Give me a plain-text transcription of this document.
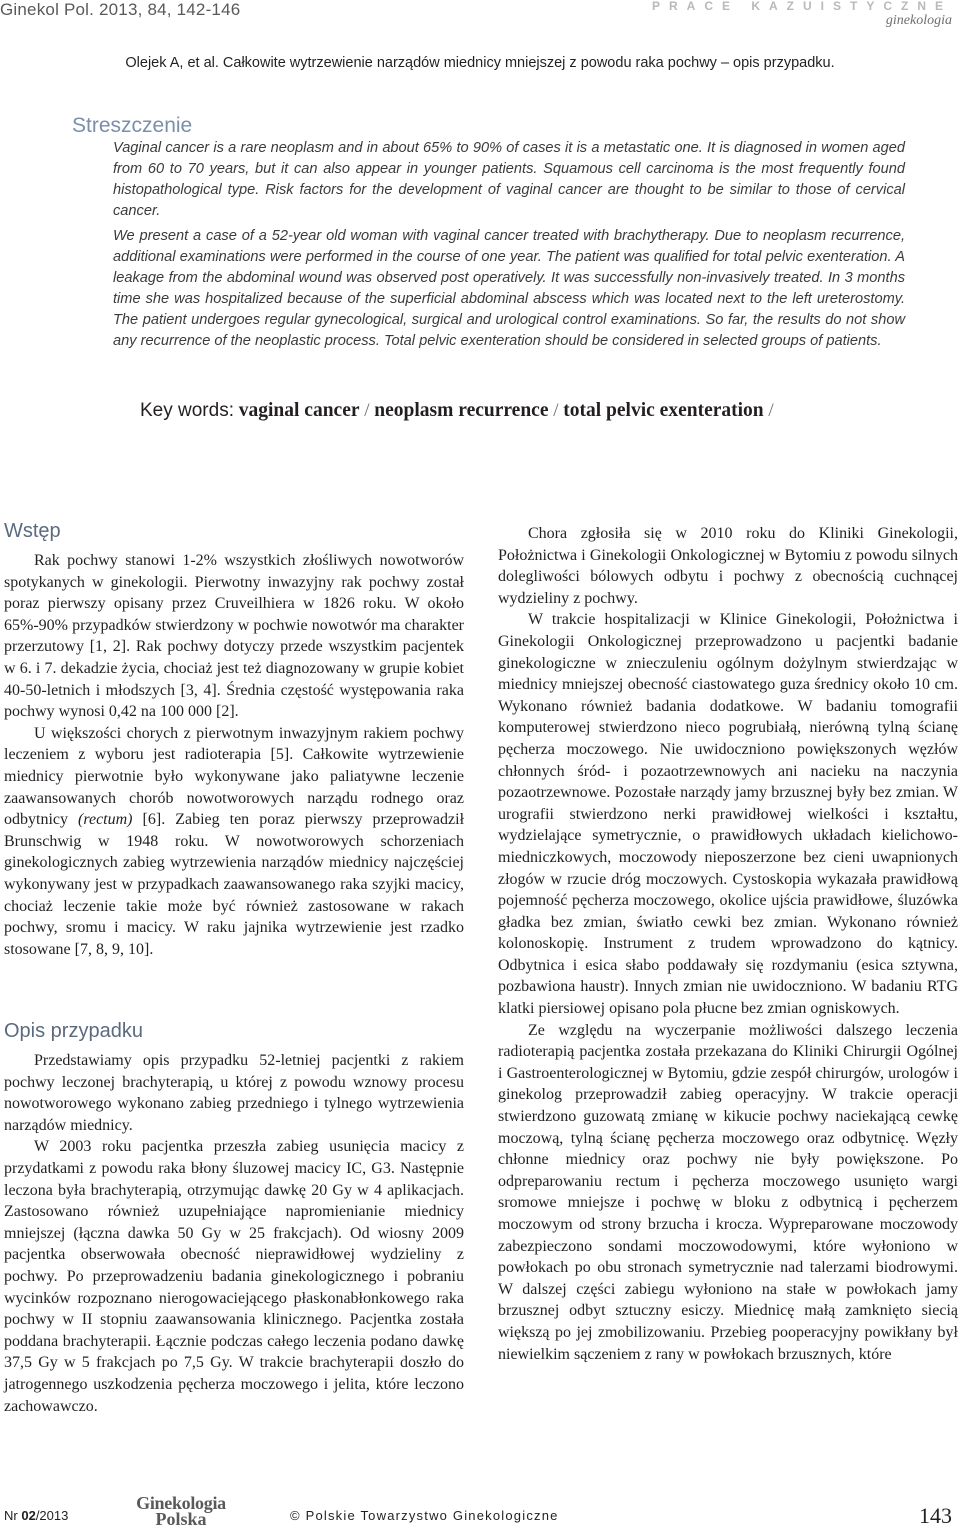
Ginekol Pol. 2013, 84, 142-146	PRACE KAZUISTYCZNE
ginekologia
Olejek A, et al. Całkowite wytrzewienie narządów miednicy mniejszej z powodu raka pochwy – opis przypadku.
Streszczenie

Vaginal cancer is a rare neoplasm and in about 65% to 90% of cases it is a metastatic one. It is diagnosed in women aged from 60 to 70 years, but it can also appear in younger patients. Squamous cell carcinoma is the most frequently found histopathological type. Risk factors for the development of vaginal cancer are thought to be similar to those of cervical cancer.

We present a case of a 52-year old woman with vaginal cancer treated with brachytherapy. Due to neoplasm recurrence, additional examinations were performed in the course of one year. The patient was qualified for total pelvic exenteration. A leakage from the abdominal wound was observed post operatively. It was successfully non-invasively treated. In 3 months time she was hospitalized because of the superficial abdominal abscess which was located next to the left ureterostomy. The patient undergoes regular gynecological, surgical and urological control examinations. So far, the results do not show any recurrence of the neoplastic process. Total pelvic exenteration should be considered in selected groups of patients.

Key words: vaginal cancer / neoplasm recurrence / total pelvic exenteration /
Wstęp

Rak pochwy stanowi 1-2% wszystkich złośliwych nowotworów spotykanych w ginekologii. Pierwotny inwazyjny rak pochwy został poraz pierwszy opisany przez Cruveilhiera w 1826 roku. W około 65%-90% przypadków stwierdzony w pochwie nowotwór ma charakter przerzutowy [1, 2]. Rak pochwy dotyczy przede wszystkim pacjentek w 6. i 7. dekadzie życia, chociaż jest też diagnozowany w grupie kobiet 40-50-letnich i młodszych [3, 4]. Średnia częstość występowania raka pochwy wynosi 0,42 na 100 000 [2].

U większości chorych z pierwotnym inwazyjnym rakiem pochwy leczeniem z wyboru jest radioterapia [5]. Całkowite wytrzewienie miednicy pierwotnie było wykonywane jako paliatywne leczenie zaawansowanych chorób nowotworowych narządu rodnego oraz odbytnicy (rectum) [6]. Zabieg ten poraz pierwszy przeprowadził Brunschwig w 1948 roku. W nowotworowych schorzeniach ginekologicznych zabieg wytrzewienia narządów miednicy najczęściej wykonywany jest w przypadkach zaawansowanego raka szyjki macicy, chociaż leczenie takie może być również zastosowane w rakach pochwy, sromu i macicy. W raku jajnika wytrzewienie jest rzadko stosowane [7, 8, 9, 10].

Opis przypadku

Przedstawiamy opis przypadku 52-letniej pacjentki z rakiem pochwy leczonej brachyterapią, u której z powodu wznowy procesu nowotworowego wykonano zabieg przedniego i tylnego wytrzewienia narządów miednicy.

W 2003 roku pacjentka przeszła zabieg usunięcia macicy z przydatkami z powodu raka błony śluzowej macicy IC, G3. Następnie leczona była brachyterapią, otrzymując dawkę 20 Gy w 4 aplikacjach. Zastosowano również uzupełniające napromienianie miednicy mniejszej (łączna dawka 50 Gy w 25 frakcjach). Od wiosny 2009 pacjentka obserwowała obecność nieprawidłowej wydzieliny z pochwy. Po przeprowadzeniu badania ginekologicznego i pobraniu wycinków rozpoznano nierogowaciejącego płaskonabłonkowego raka pochwy w II stopniu zaawansowania klinicznego. Pacjentka została poddana brachyterapii. Łącznie podczas całego leczenia podano dawkę 37,5 Gy w 5 frakcjach po 7,5 Gy. W trakcie brachyterapii doszło do jatrogennego uszkodzenia pęcherza moczowego i jelita, które leczono zachowawczo.

Chora zgłosiła się w 2010 roku do Kliniki Ginekologii, Położnictwa i Ginekologii Onkologicznej w Bytomiu z powodu silnych dolegliwości bólowych odbytu i pochwy z obecnością cuchnącej wydzieliny z pochwy.

W trakcie hospitalizacji w Klinice Ginekologii, Położnictwa i Ginekologii Onkologicznej przeprowadzono u pacjentki badanie ginekologiczne w znieczuleniu ogólnym dożylnym stwierdzając w miednicy mniejszej obecność ciastowatego guza średnicy około 10 cm. Wykonano również badania dodatkowe. W badaniu tomografii komputerowej stwierdzono nieco pogrubiałą, nierówną tylną ścianę pęcherza moczowego. Nie uwidoczniono powiększonych węzłów chłonnych śród- i pozaotrzewnowych ani nacieku na naczynia pozaotrzewnowe. Pozostałe narządy jamy brzusznej były bez zmian. W urografii stwierdzono nerki prawidłowej wielkości i kształtu, wydzielające symetrycznie, o prawidłowych układach kielichowo-miedniczkowych, moczowody nieposzerzone bez cieni uwapnionych złogów w rzucie dróg moczowych. Cystoskopia wykazała prawidłową pojemność pęcherza moczowego, okolice ujścia prawidłowe, śluzówka gładka bez zmian, światło cewki bez zmian. Wykonano również kolonoskopię. Instrument z trudem wprowadzono do kątnicy. Odbytnica i esica słabo poddawały się rozdymaniu (esica sztywna, pozbawiona haustr). Innych zmian nie uwidoczniono. W badaniu RTG klatki piersiowej opisano pola płucne bez zmian ogniskowych.

Ze względu na wyczerpanie możliwości dalszego leczenia radioterapią pacjentka została przekazana do Kliniki Chirurgii Ogólnej i Gastroenterologicznej w Bytomiu, gdzie zespół chirurgów, urologów i ginekolog przeprowadził zabieg operacyjny. W trakcie operacji stwierdzono guzowatą zmianę w kikucie pochwy naciekającą cewkę moczową, tylną ścianę pęcherza moczowego oraz odbytnicę. Węzły chłonne miednicy oraz pochwy nie były powiększone. Po odpreparowaniu rectum i pęcherza moczowego usunięto wargi sromowe mniejsze i pochwę w bloku z odbytnicą i pęcherzem moczowym od strony brzucha i krocza. Wypreparowane moczowody zabezpieczono sondami moczowodowymi, które wyłoniono w powłokach po obu stronach symetrycznie nad talerzami biodrowymi. W dalszej części zabiegu wyłoniono na stałe w powłokach jamy brzusznej odbyt sztuczny esiczy. Miednicę małą zamknięto siecią większą po jej zmobilizowaniu. Przebieg pooperacyjny powikłany był niewielkim sączeniem z rany w powłokach brzusznych, które

Nr 02/2013
Ginekologia
Polska	© Polskie Towarzystwo Ginekologiczne	143
